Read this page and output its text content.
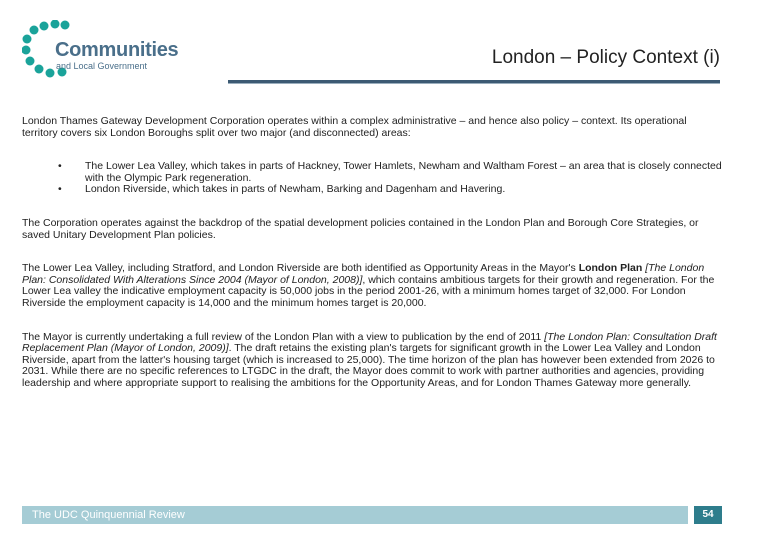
Communities
and Local Government	London – Policy Context (i)

London Thames Gateway Development Corporation operates within a complex administrative – and hence also policy – context. Its operational territory covers six London Boroughs split over two major (and disconnected) areas:

• The Lower Lea Valley, which takes in parts of Hackney, Tower Hamlets, Newham and Waltham Forest – an area that is closely connected with the Olympic Park regeneration.
• London Riverside, which takes in parts of Newham, Barking and Dagenham and Havering.

The Corporation operates against the backdrop of the spatial development policies contained in the London Plan and Borough Core Strategies, or saved Unitary Development Plan policies.

The Lower Lea Valley, including Stratford, and London Riverside are both identified as Opportunity Areas in the Mayor's London Plan [The London Plan: Consolidated With Alterations Since 2004 (Mayor of London, 2008)], which contains ambitious targets for their growth and regeneration. For the Lower Lea valley the indicative employment capacity is 50,000 jobs in the period 2001-26, with a minimum homes target of 32,000. For London Riverside the employment capacity is 14,000 and the minimum homes target is 20,000.

The Mayor is currently undertaking a full review of the London Plan with a view to publication by the end of 2011 [The London Plan: Consultation Draft Replacement Plan (Mayor of London, 2009)]. The draft retains the existing plan's targets for significant growth in the Lower Lea Valley and London Riverside, apart from the latter's housing target (which is increased to 25,000). The time horizon of the plan has however been extended from 2026 to 2031. While there are no specific references to LTGDC in the draft, the Mayor does commit to work with partner authorities and agencies, providing leadership and where appropriate support to realising the ambitions for the Opportunity Areas, and for London Thames Gateway more generally.

The UDC Quinquennial Review	54
